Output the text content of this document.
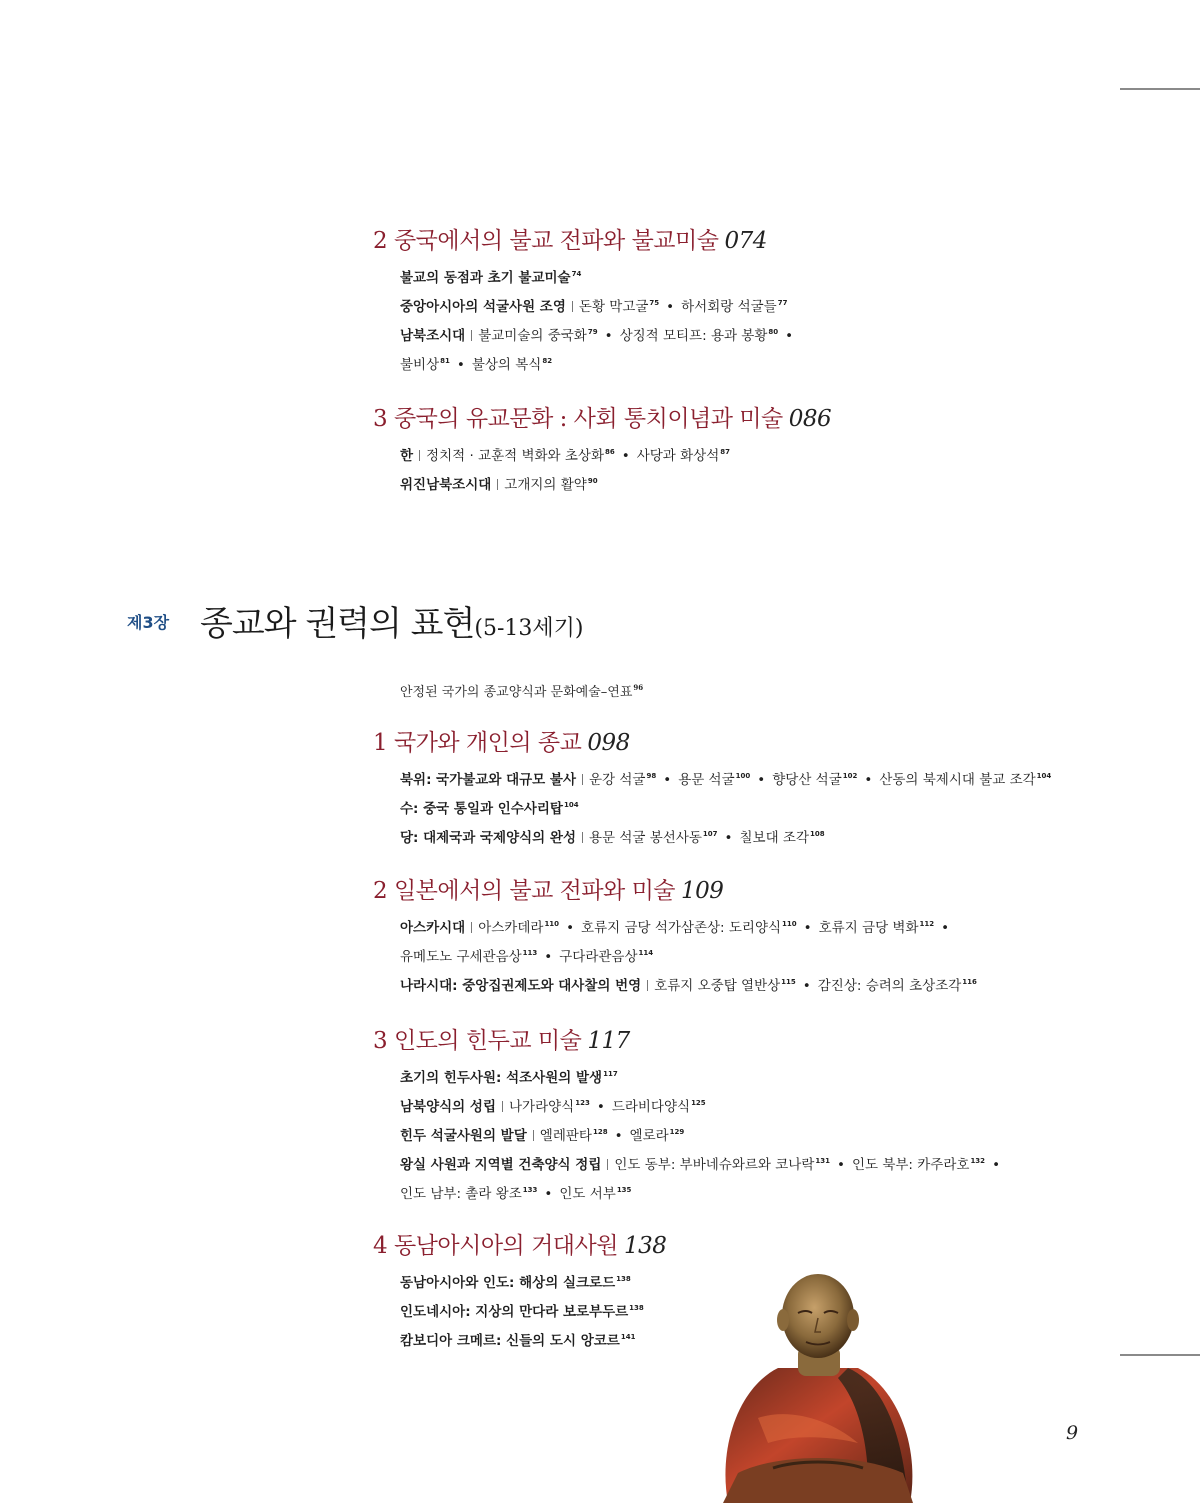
2 중국에서의 불교 전파와 불교미술 074
불교의 동점과 초기 불교미술$^{74}$
중앙아시아의 석굴사원 조영 돈황 막고굴$^{75}$ • 하서회랑 석굴들$^{77}$
남북조시대 불교미술의 중국화$^{79}$ • 상징적 모티프: 용과 봉황$^{80}$ •
불비상$^{81}$ • 불상의 복식$^{82}$
3 중국의 유교문화 : 사회 통치이념과 미술 086
한 정치적 · 교훈적 벽화와 초상화$^{86}$ • 사당과 화상석$^{87}$
위진남북조시대 고개지의 활약$^{90}$
제3장 종교와 권력의 표현(5-13세기)
안정된 국가의 종교양식과 문화예술–연표$^{96}$
1 국가와 개인의 종교 098
북위: 국가불교와 대규모 불사 운강 석굴$^{98}$ • 용문 석굴$^{100}$ • 향당산 석굴$^{102}$ • 산동의 북제시대 불교 조각$^{104}$
수: 중국 통일과 인수사리탑$^{104}$
당: 대제국과 국제양식의 완성 용문 석굴 봉선사동$^{107}$ • 칠보대 조각$^{108}$
2 일본에서의 불교 전파와 미술 109
아스카시대 아스카데라$^{110}$ • 호류지 금당 석가삼존상: 도리양식$^{110}$ • 호류지 금당 벽화$^{112}$ •
유메도노 구세관음상$^{113}$ • 구다라관음상$^{114}$
나라시대: 중앙집권제도와 대사찰의 번영 호류지 오중탑 열반상$^{115}$ • 감진상: 승려의 초상조각$^{116}$
3 인도의 힌두교 미술 117
초기의 힌두사원: 석조사원의 발생$^{117}$
남북양식의 성립 나가라양식$^{123}$ • 드라비다양식$^{125}$
힌두 석굴사원의 발달 엘레판타$^{128}$ • 엘로라$^{129}$
왕실 사원과 지역별 건축양식 정립 인도 동부: 부바네슈와르와 코나락$^{131}$ • 인도 북부: 카주라호$^{132}$ •
인도 남부: 촐라 왕조$^{133}$ • 인도 서부$^{135}$
4 동남아시아의 거대사원 138
동남아시아와 인도: 해상의 실크로드$^{138}$
인도네시아: 지상의 만다라 보로부두르$^{138}$
캄보디아 크메르: 신들의 도시 앙코르$^{141}$
9
